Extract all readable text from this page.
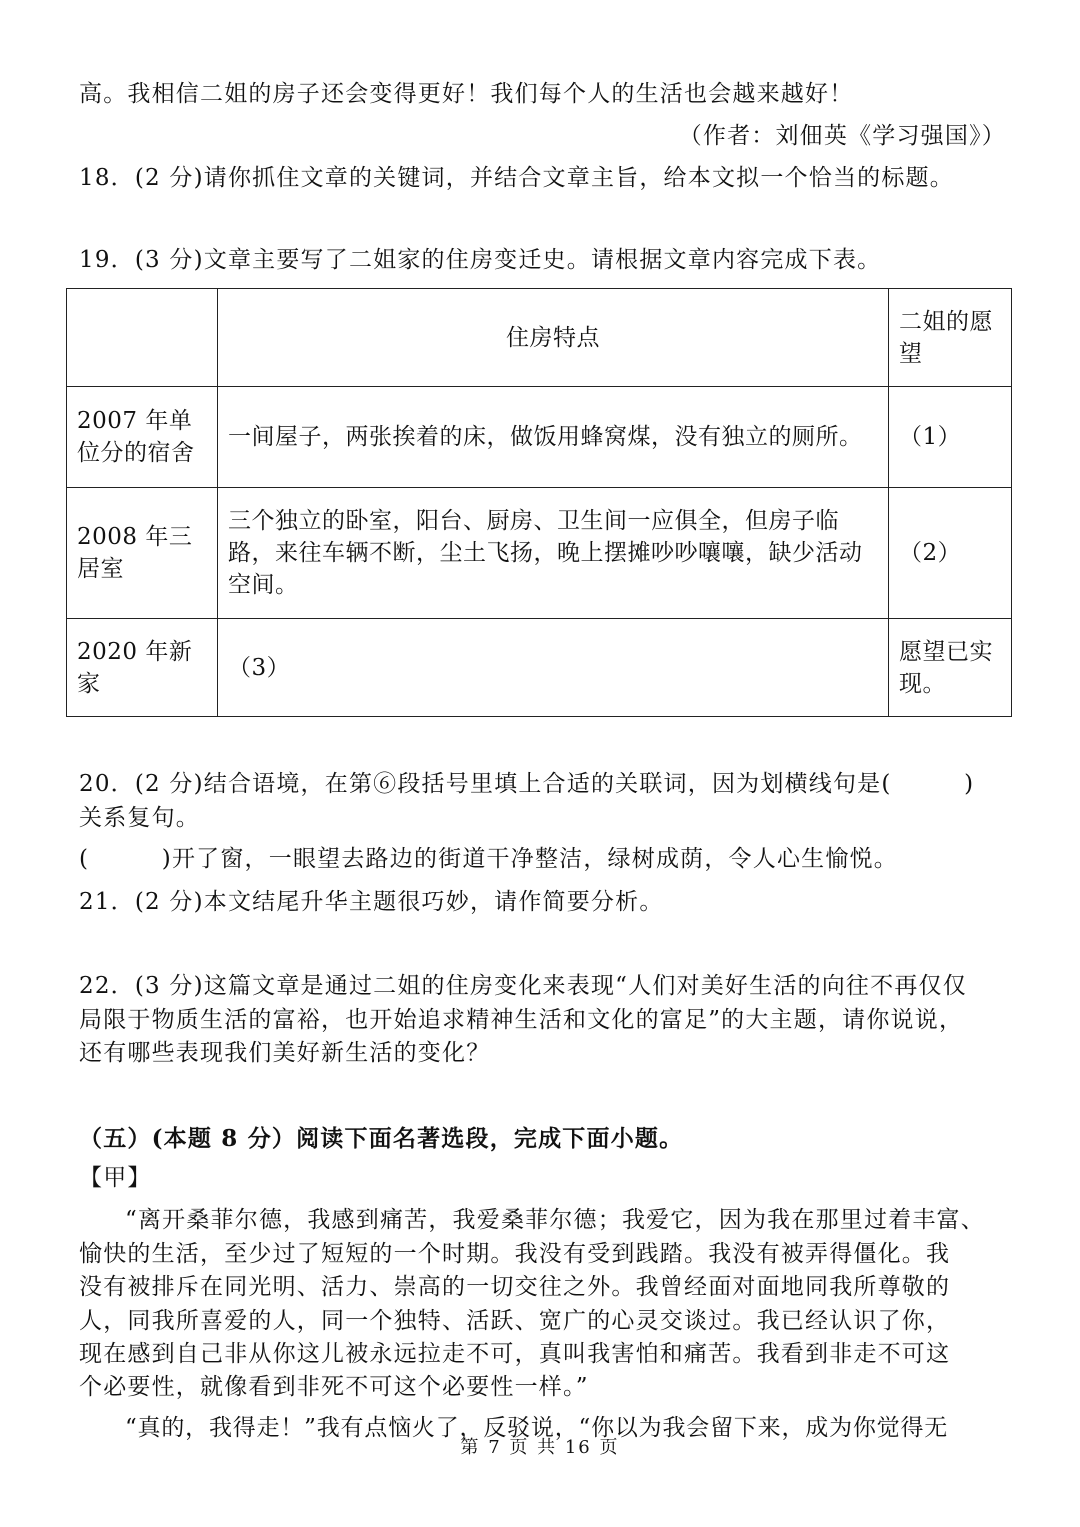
高。我相信二姐的房子还会变得更好！我们每个人的生活也会越来越好！
（作者：刘佃英《学习强国》）
18．(2 分)请你抓住文章的关键词，并结合文章主旨，给本文拟一个恰当的标题。
19．(3 分)文章主要写了二姐家的住房变迁史。请根据文章内容完成下表。
	住房特点	二姐的愿望
2007 年单位分的宿舍	一间屋子，两张挨着的床，做饭用蜂窝煤，没有独立的厕所。	（1）
2008 年三居室	三个独立的卧室，阳台、厨房、卫生间一应俱全，但房子临路，来往车辆不断，尘土飞扬，晚上摆摊吵吵嚷嚷，缺少活动空间。	（2）
2020 年新家	（3）	愿望已实现。
20．(2 分)结合语境，在第⑥段括号里填上合适的关联词，因为划横线句是(　　　)
关系复句。
(　　　)开了窗，一眼望去路边的街道干净整洁，绿树成荫，令人心生愉悦。
21．(2 分)本文结尾升华主题很巧妙，请作简要分析。
22．(3 分)这篇文章是通过二姐的住房变化来表现“人们对美好生活的向往不再仅仅
局限于物质生活的富裕，也开始追求精神生活和文化的富足”的大主题，请你说说，
还有哪些表现我们美好新生活的变化？
（五）(本题 8 分）阅读下面名著选段，完成下面小题。
【甲】
“离开桑菲尔德，我感到痛苦，我爱桑菲尔德；我爱它，因为我在那里过着丰富、
愉快的生活，至少过了短短的一个时期。我没有受到践踏。我没有被弄得僵化。我
没有被排斥在同光明、活力、崇高的一切交往之外。我曾经面对面地同我所尊敬的
人，同我所喜爱的人，同一个独特、活跃、宽广的心灵交谈过。我已经认识了你，
现在感到自己非从你这儿被永远拉走不可，真叫我害怕和痛苦。我看到非走不可这
个必要性，就像看到非死不可这个必要性一样。”
“真的，我得走！”我有点恼火了，反驳说，“你以为我会留下来，成为你觉得无
第 7 页 共 16 页
